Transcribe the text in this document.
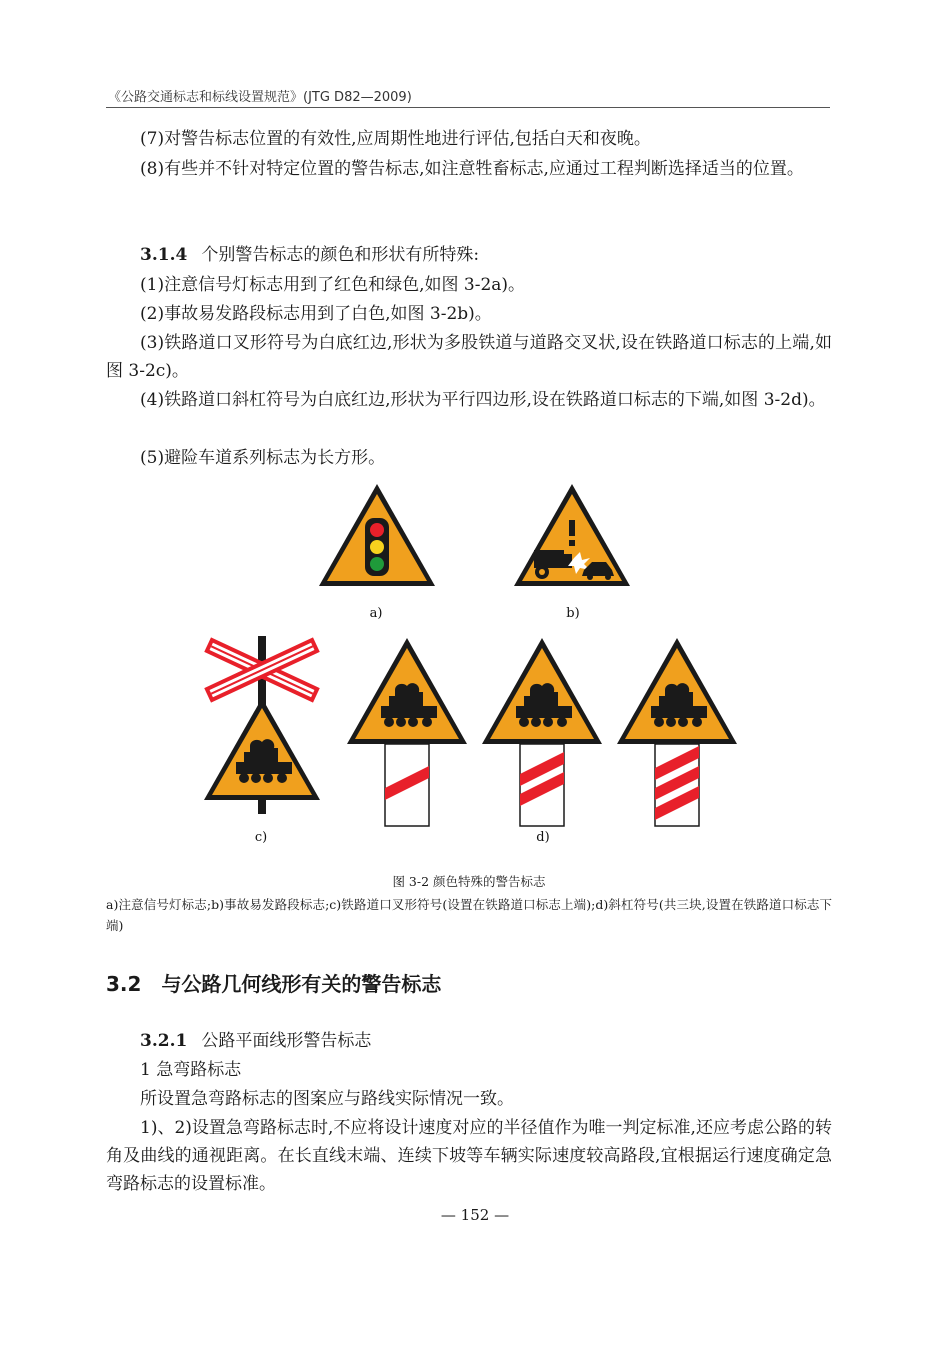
《公路交通标志和标线设置规范》(JTG D82—2009)

(7)对警告标志位置的有效性,应周期性地进行评估,包括白天和夜晚。

(8)有些并不针对特定位置的警告标志,如注意牲畜标志,应通过工程判断选择适当的位置。

3.1.4 个别警告标志的颜色和形状有所特殊:

(1)注意信号灯标志用到了红色和绿色,如图 3-2a)。

(2)事故易发路段标志用到了白色,如图 3-2b)。

(3)铁路道口叉形符号为白底红边,形状为多股铁道与道路交叉状,设在铁路道口标志的上端,如图 3-2c)。

(4)铁路道口斜杠符号为白底红边,形状为平行四边形,设在铁路道口标志的下端,如图 3-2d)。

(5)避险车道系列标志为长方形。

a)	b)
c)	d)
图 3-2 颜色特殊的警告标志
a)注意信号灯标志;b)事故易发路段标志;c)铁路道口叉形符号(设置在铁路道口标志上端);d)斜杠符号(共三块,设置在铁路道口标志下端)
3.2 与公路几何线形有关的警告标志

3.2.1 公路平面线形警告标志

1 急弯路标志

所设置急弯路标志的图案应与路线实际情况一致。

1)、2)设置急弯路标志时,不应将设计速度对应的半径值作为唯一判定标准,还应考虑公路的转角及曲线的通视距离。在长直线末端、连续下坡等车辆实际速度较高路段,宜根据运行速度确定急弯路标志的设置标准。

— 152 —
